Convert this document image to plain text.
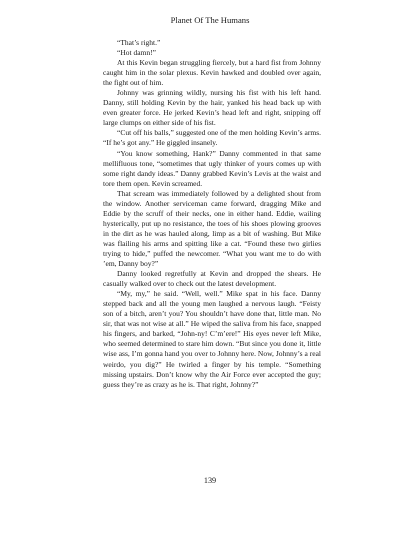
Planet Of The Humans

“That’s right.”

“Hot damn!”

At this Kevin began struggling fiercely, but a hard fist from Johnny caught him in the solar plexus. Kevin hawked and doubled over again, the fight out of him.

Johnny was grinning wildly, nursing his fist with his left hand. Danny, still holding Kevin by the hair, yanked his head back up with even greater force. He jerked Kevin’s head left and right, snipping off large clumps on either side of his fist.

“Cut off his balls,” suggested one of the men holding Kevin’s arms. “If he’s got any.” He giggled insanely.

“You know something, Hank?” Danny commented in that same mellifluous tone, “sometimes that ugly thinker of yours comes up with some right dandy ideas.” Danny grabbed Kevin’s Levis at the waist and tore them open. Kevin screamed.

That scream was immediately followed by a delighted shout from the window. Another serviceman came forward, dragging Mike and Eddie by the scruff of their necks, one in either hand. Eddie, wailing hysterically, put up no resistance, the toes of his shoes plowing grooves in the dirt as he was hauled along, limp as a bit of washing. But Mike was flailing his arms and spitting like a cat. “Found these two girlies trying to hide,” puffed the newcomer. “What you want me to do with ’em, Danny boy?”

Danny looked regretfully at Kevin and dropped the shears. He casually walked over to check out the latest development.

“My, my,” he said. “Well, well.” Mike spat in his face. Danny stepped back and all the young men laughed a nervous laugh. “Feisty son of a bitch, aren’t you? You shouldn’t have done that, little man. No sir, that was not wise at all.” He wiped the saliva from his face, snapped his fingers, and barked, “John-ny! C’m’ere!” His eyes never left Mike, who seemed determined to stare him down. “But since you done it, little wise ass, I’m gonna hand you over to Johnny here. Now, Johnny’s a real weirdo, you dig?” He twirled a finger by his temple. “Something missing upstairs. Don’t know why the Air Force ever accepted the guy; guess they’re as crazy as he is. That right, Johnny?”

139
